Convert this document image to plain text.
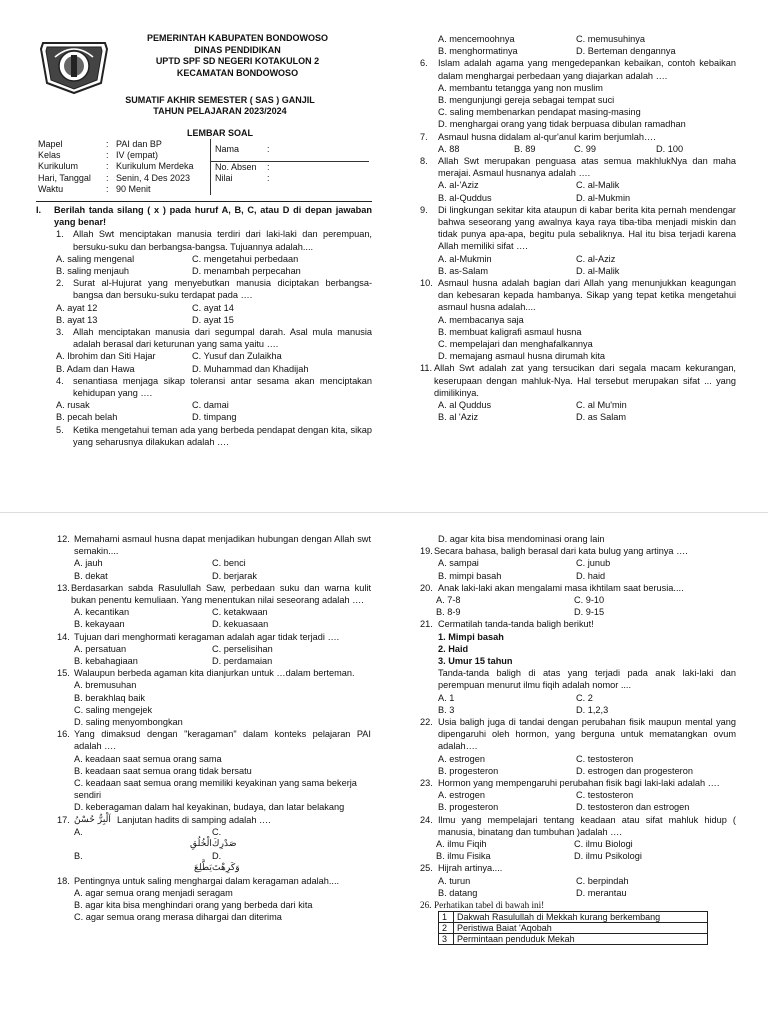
PEMERINTAH KABUPATEN BONDOWOSO
DINAS PENDIDIKAN
UPTD SPF SD NEGERI KOTAKULON 2
KECAMATAN BONDOWOSO
SUMATIF AKHIR SEMESTER ( SAS ) GANJIL
TAHUN PELAJARAN 2023/2024
LEMBAR SOAL
Mapel	:	PAI dan BP	Nama	:
Kelas	:	IV (empat)		
Kurikulum	:	Kurikulum Merdeka	No. Absen	:
Hari, Tanggal	:	Senin, 4 Des 2023	Nilai	:
Waktu	:	90 Menit		
I.	Berilah tanda silang ( x ) pada huruf A, B, C, atau D di depan jawaban yang benar!
1.	Allah Swt menciptakan manusia terdiri dari laki-laki dan perempuan, bersuku-suku dan berbangsa-bangsa. Tujuannya adalah....
A. saling mengenal	C. mengetahui perbedaan
B. saling menjauh	D. menambah perpecahan
2.	Surat al-Hujurat yang menyebutkan manusia diciptakan berbangsa-bangsa dan bersuku-suku terdapat pada ….
A. ayat 12	C. ayat 14
B. ayat 13	D. ayat 15
3.	Allah menciptakan manusia dari segumpal darah. Asal mula manusia adalah berasal dari keturunan yang sama yaitu ….
A. Ibrohim dan Siti Hajar	C. Yusuf dan Zulaikha
B. Adam dan Hawa	D. Muhammad dan Khadijah
4.	senantiasa menjaga sikap toleransi antar sesama akan menciptakan kehidupan yang ….
A. rusak	C. damai
B. pecah belah	D. timpang
5.	Ketika mengetahui teman ada yang berbeda pendapat dengan kita, sikap yang seharusnya dilakukan adalah ….
A. mencemoohnya	C. memusuhinya
B. menghormatinya	D. Berteman dengannya
6.	Islam adalah agama yang mengedepankan kebaikan, contoh kebaikan dalam menghargai perbedaan yang diajarkan adalah ….
A. membantu tetangga yang non muslim
B. mengunjungi gereja sebagai tempat suci
C. saling membenarkan pendapat masing-masing
D. menghargai orang yang tidak berpuasa dibulan ramadhan
7.	Asmaul husna didalam al-qur'anul karim berjumlah….
A. 88	B. 89	C. 99	D. 100
8.	Allah Swt merupakan penguasa atas semua makhlukNya dan maha merajai. Asmaul husnanya adalah ….
A. al-'Aziz	C. al-Malik
B. al-Quddus	D. al-Mukmin
9.	Di lingkungan sekitar kita ataupun di kabar berita kita pernah mendengar bahwa seseorang yang awalnya kaya raya tiba-tiba menjadi miskin dan tidak punya apa-apa, begitu pula sebaliknya. Hal itu bisa terjadi karena Allah memiliki sifat ….
A. al-Mukmin	C. al-Aziz
B. as-Salam	D. al-Malik
10. Asmaul husna adalah bagian dari Allah yang menunjukkan keagungan dan kebesaran kepada hambanya. Sikap yang tepat ketika mengetahui asmaul husna adalah....
A. membacanya saja
B. membuat kaligrafi asmaul husna
C. mempelajari dan menghafalkannya
D. memajang asmaul husna dirumah kita
11. Allah Swt adalah zat yang tersucikan dari segala macam kekurangan, keserupaan dengan mahluk-Nya. Hal tersebut merupakan sifat ... yang dimilikinya.
A. al Quddus	C. al Mu'min
B. al 'Aziz	D. as Salam
12. Memahami asmaul husna dapat menjadikan hubungan dengan Allah swt semakin....
A. jauh	C. benci
B. dekat	D. berjarak
13. Berdasarkan sabda Rasulullah Saw, perbedaan suku dan warna kulit bukan penentu kemuliaan. Yang menentukan nilai seseorang adalah ….
A. kecantikan	C. ketakwaan
B. kekayaan	D. kekuasaan
14. Tujuan dari menghormati keragaman adalah agar tidak terjadi ….
A. persatuan	C. perselisihan
B. kebahagiaan	D. perdamaian
15. Walaupun berbeda agaman kita dianjurkan untuk …dalam berteman.
A. bremusuhan
B. berakhlaq baik
C. saling mengejek
D. saling menyombongkan
16. Yang dimaksud dengan "keragaman" dalam konteks pelajaran PAI adalah ….
A. keadaan saat semua orang sama
B. keadaan saat semua orang tidak bersatu
C. keadaan saat semua orang memiliki keyakinan yang sama bekerja sendiri
D. keberagaman dalam hal keyakinan, budaya, dan latar belakang
17. اَلْبِرُّ حُسْنُ Lanjutan hadits di samping adalah ….
A.
الْخُلُقِ
C.
صَدْرِكَ
B.
يَطَّلِعَ
D.
وَكَرِهْتَ
18. Pentingnya untuk saling menghargai dalam keragaman adalah....
A. agar semua orang menjadi seragam
B. agar kita bisa menghindari orang yang berbeda dari kita
C. agar semua orang merasa dihargai dan diterima
D. agar kita bisa mendominasi orang lain
19. Secara bahasa, baligh berasal dari kata bulug yang artinya ….
A. sampai	C. junub
B. mimpi basah	D. haid
20. Anak laki-laki akan mengalami masa ikhtilam saat berusia....
A. 7-8	C. 9-10
B. 8-9	D. 9-15
21. Cermatilah tanda-tanda baligh berikut!
1. Mimpi basah
2. Haid
3. Umur 15 tahun
Tanda-tanda baligh di atas yang terjadi pada anak laki-laki dan perempuan menurut ilmu fiqih adalah nomor ....
A. 1	C. 2
B. 3	D. 1,2,3
22. Usia baligh juga di tandai dengan perubahan fisik maupun mental yang dipengaruhi oleh hormon, yang berguna untuk mematangkan ovum adalah….
A. estrogen	C. testosteron
B. progesteron	D. estrogen dan progesteron
23. Hormon yang mempengaruhi perubahan fisik bagi laki-laki adalah ….
A. estrogen	C. testosteron
B. progesteron	D. testosteron dan estrogen
24. Ilmu yang mempelajari tentang keadaan atau sifat mahluk hidup ( manusia, binatang dan tumbuhan )adalah ….
A. ilmu Fiqih	C. ilmu Biologi
B. ilmu Fisika	D. ilmu Psikologi
25. Hijrah artinya....
A. turun	C. berpindah
B. datang	D. merantau
26. Perhatikan tabel di bawah ini!
1	Dakwah Rasulullah di Mekkah kurang berkembang
2	Peristiwa Baiat 'Aqobah
3	Permintaan penduduk Mekah
